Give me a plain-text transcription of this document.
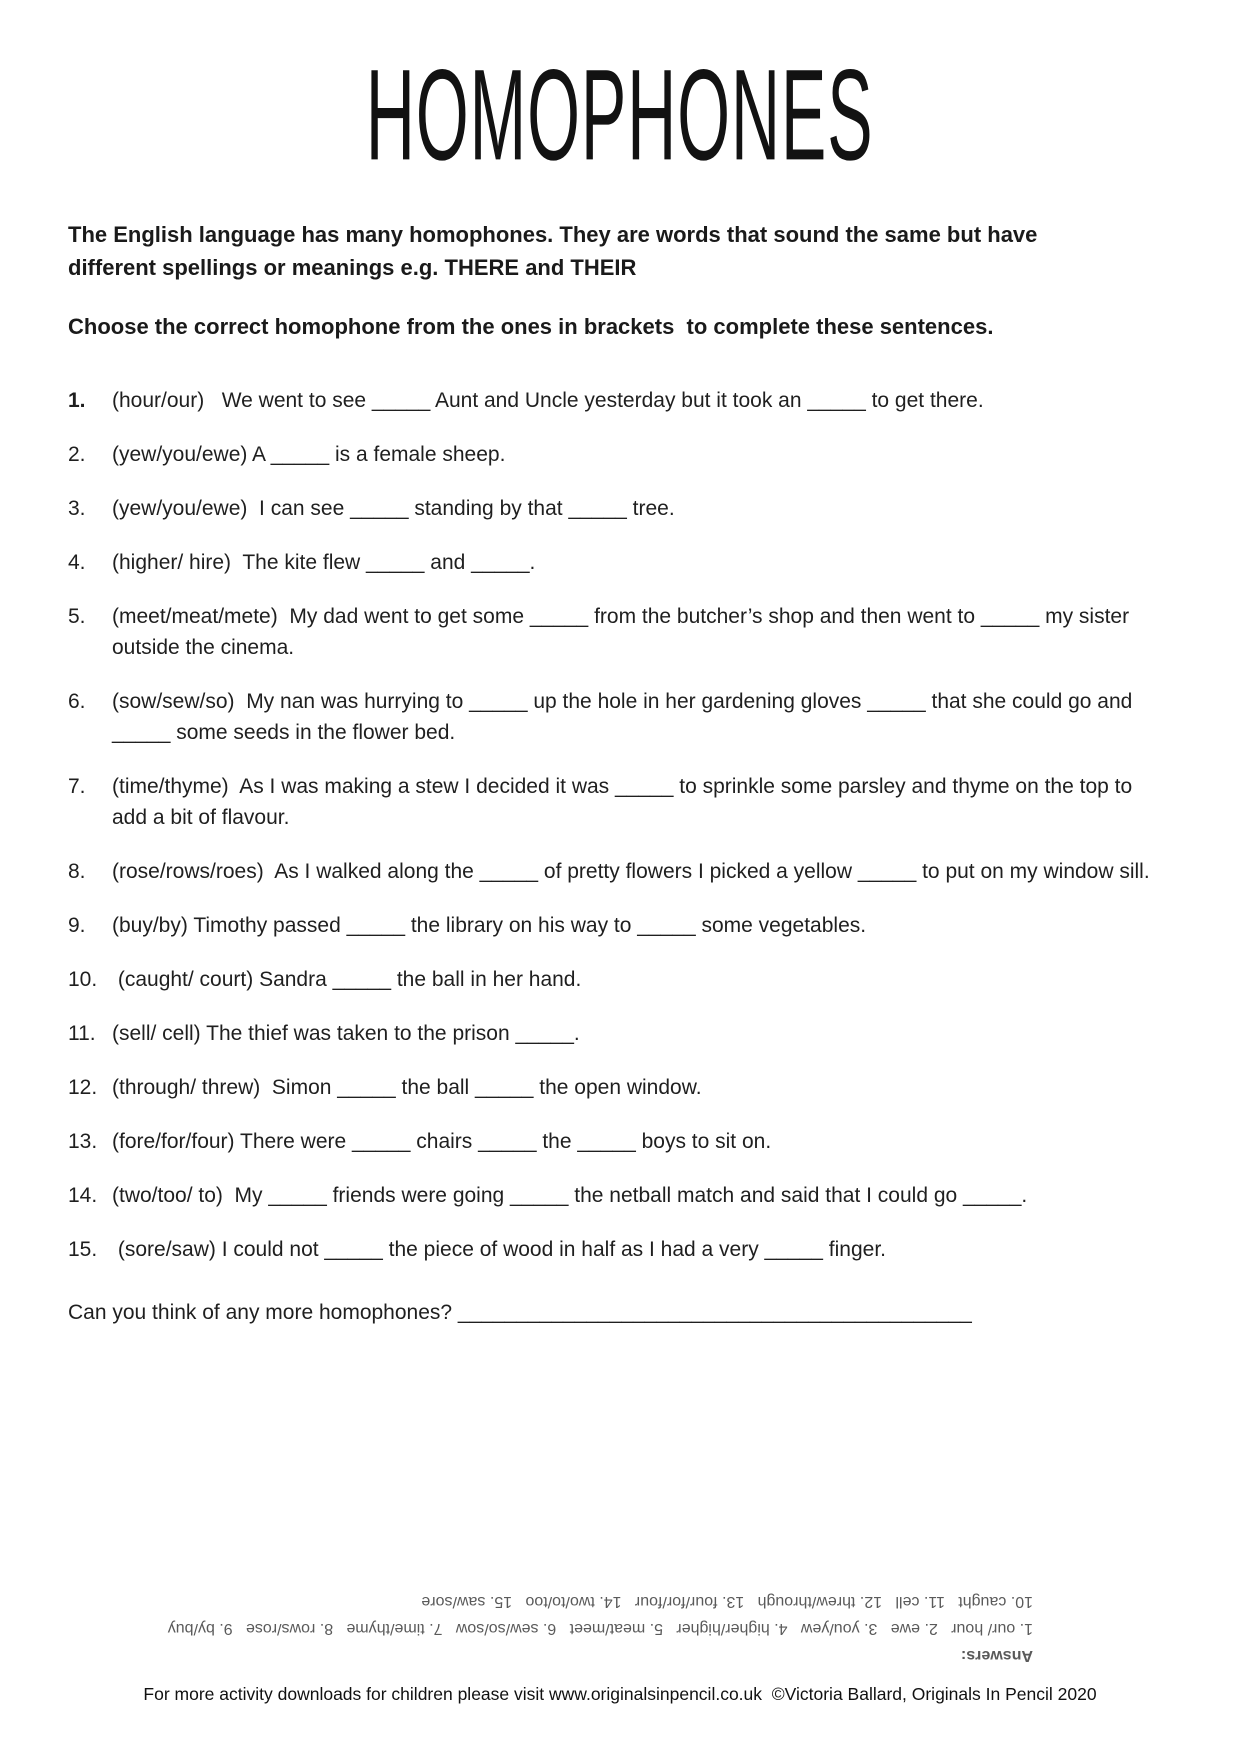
HOMOPHONES

The English language has many homophones. They are words that sound the same but have different spellings or meanings e.g. THERE and THEIR

Choose the correct homophone from the ones in brackets  to complete these sentences.

1.	(hour/our)   We went to see _____ Aunt and Uncle yesterday but it took an _____ to get there.
2.	(yew/you/ewe) A _____ is a female sheep.
3.	(yew/you/ewe)  I can see _____ standing by that _____ tree.
4.	(higher/ hire)  The kite flew _____ and _____.
5.	(meet/meat/mete)  My dad went to get some _____ from the butcher’s shop and then went to _____ my sister outside the cinema.
6.	(sow/sew/so)  My nan was hurrying to _____ up the hole in her gardening gloves _____ that she could go and _____ some seeds in the flower bed.
7.	(time/thyme)  As I was making a stew I decided it was _____ to sprinkle some parsley and thyme on the top to add a bit of flavour.
8.	(rose/rows/roes)  As I walked along the _____ of pretty flowers I picked a yellow _____ to put on my window sill.
9.	(buy/by) Timothy passed _____ the library on his way to _____ some vegetables.
10. (caught/ court) Sandra _____ the ball in her hand.
11. (sell/ cell) The thief was taken to the prison _____.
12. (through/ threw)  Simon _____ the ball _____ the open window.
13. (fore/for/four) There were _____ chairs _____ the _____ boys to sit on.
14. (two/too/ to)  My _____ friends were going _____ the netball match and said that I could go _____.
15. (sore/saw) I could not _____ the piece of wood in half as I had a very _____ finger.

Can you think of any more homophones? ____________________________________________

Answers:

1. our/ hour   2. ewe   3. you/yew   4. higher/higher   5. meat/meet   6. sew/so/sow   7. time/thyme   8. rows/rose   9. by/buy

10. caught   11. cell   12. threw/through   13. four/for/four   14. two/to/too   15. saw/sore

For more activity downloads for children please visit www.originalsinpencil.co.uk  ©Victoria Ballard, Originals In Pencil 2020
